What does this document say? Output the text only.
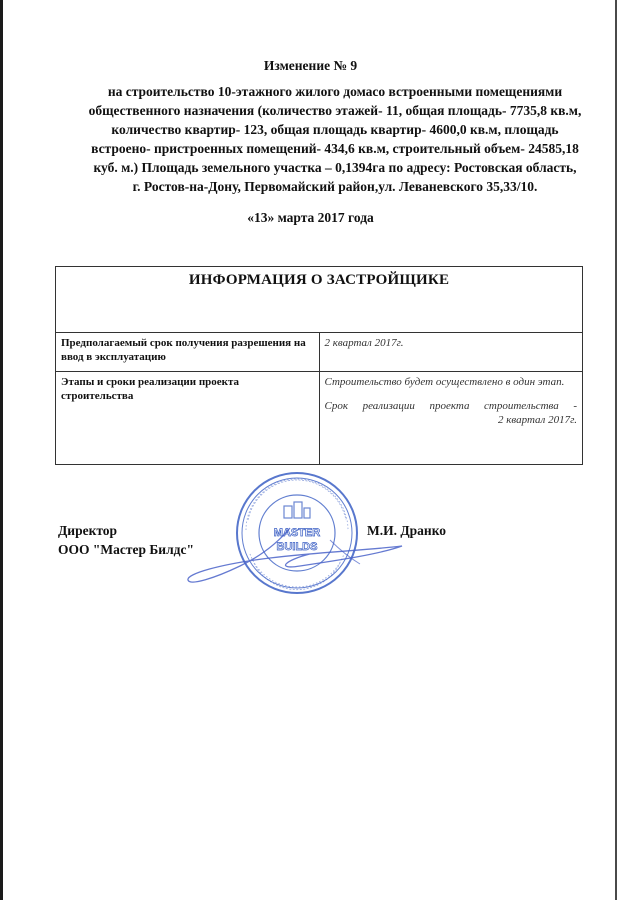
Изменение № 9
на строительство 10-этажного жилого домасо встроенными помещениями
общественного назначения (количество этажей- 11, общая площадь- 7735,8 кв.м,
количество квартир- 123, общая площадь квартир- 4600,0 кв.м, площадь
встроено- пристроенных помещений- 434,6 кв.м, строительный объем- 24585,18
куб. м.) Площадь земельного участка – 0,1394га по адресу: Ростовская область,
г. Ростов-на-Дону, Первомайский район,ул. Леваневского 35,33/10.
«13» марта 2017 года
ИНФОРМАЦИЯ О ЗАСТРОЙЩИКЕ	
Предполагаемый срок получения разрешения на ввод в эксплуатацию	2 квартал 2017г.
Этапы и сроки реализации проекта строительства	Строительство будет осуществлено в один этап.

Срок реализации проекта строительства -

2 квартал 2017г.

MASTER
BUILDS
Директор
ООО "Мастер Билдс"
М.И. Дранко
